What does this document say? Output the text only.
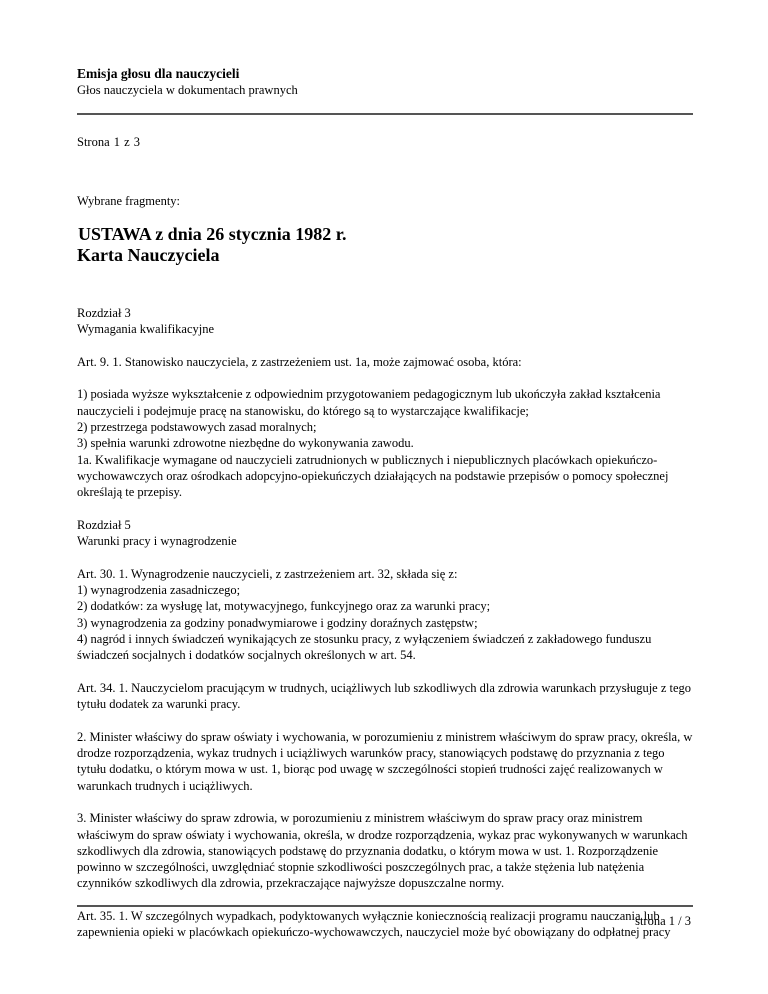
Emisja głosu dla nauczycieli
Głos nauczyciela w dokumentach prawnych
Strona 1 z 3
Wybrane fragmenty:
USTAWA z dnia 26 stycznia 1982 r.
Karta Nauczyciela

Rozdział 3
Wymagania kwalifikacyjne

Art. 9. 1. Stanowisko nauczyciela, z zastrzeżeniem ust. 1a, może zajmować osoba, która:

1) posiada wyższe wykształcenie z odpowiednim przygotowaniem pedagogicznym lub ukończyła zakład kształcenia nauczycieli i podejmuje pracę na stanowisku, do którego są to wystarczające kwalifikacje;
2) przestrzega podstawowych zasad moralnych;
3) spełnia warunki zdrowotne niezbędne do wykonywania zawodu.
1a. Kwalifikacje wymagane od nauczycieli zatrudnionych w publicznych i niepublicznych placówkach opiekuńczo-wychowawczych oraz ośrodkach adopcyjno-opiekuńczych działających na podstawie przepisów o pomocy społecznej określają te przepisy.

Rozdział 5
Warunki pracy i wynagrodzenie

Art. 30. 1. Wynagrodzenie nauczycieli, z zastrzeżeniem art. 32, składa się z:
1) wynagrodzenia zasadniczego;
2) dodatków: za wysługę lat, motywacyjnego, funkcyjnego oraz za warunki pracy;
3) wynagrodzenia za godziny ponadwymiarowe i godziny doraźnych zastępstw;
4) nagród i innych świadczeń wynikających ze stosunku pracy, z wyłączeniem świadczeń z zakładowego funduszu świadczeń socjalnych i dodatków socjalnych określonych w art. 54.

Art. 34. 1. Nauczycielom pracującym w trudnych, uciążliwych lub szkodliwych dla zdrowia warunkach przysługuje z tego tytułu dodatek za warunki pracy.

2. Minister właściwy do spraw oświaty i wychowania, w porozumieniu z ministrem właściwym do spraw pracy, określa, w drodze rozporządzenia, wykaz trudnych i uciążliwych warunków pracy, stanowiących podstawę do przyznania z tego tytułu dodatku, o którym mowa w ust. 1, biorąc pod uwagę w szczególności stopień trudności zajęć realizowanych w warunkach trudnych i uciążliwych.

3. Minister właściwy do spraw zdrowia, w porozumieniu z ministrem właściwym do spraw pracy oraz ministrem właściwym do spraw oświaty i wychowania, określa, w drodze rozporządzenia, wykaz prac wykonywanych w warunkach szkodliwych dla zdrowia, stanowiących podstawę do przyznania dodatku, o którym mowa w ust. 1. Rozporządzenie powinno w szczególności, uwzględniać stopnie szkodliwości poszczególnych prac, a także stężenia lub natężenia czynników szkodliwych dla zdrowia, przekraczające najwyższe dopuszczalne normy.

Art. 35. 1. W szczególnych wypadkach, podyktowanych wyłącznie koniecznością realizacji programu nauczania lub zapewnienia opieki w placówkach opiekuńczo-wychowawczych, nauczyciel może być obowiązany do odpłatnej pracy

strona 1 / 3
